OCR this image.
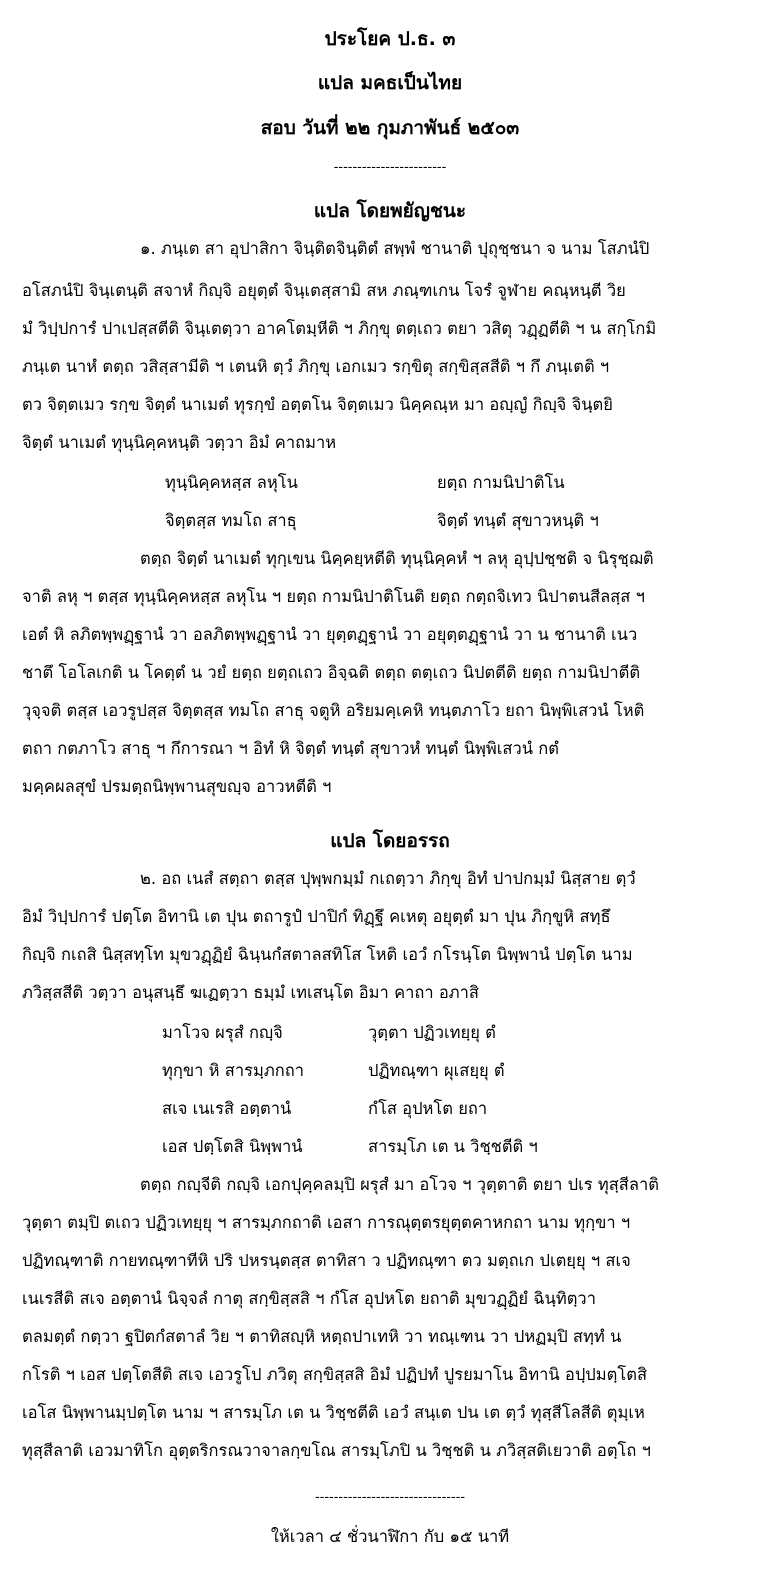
ประโยค ป.ธ. ๓
แปล มคธเป็นไทย
สอบ วันที่ ๒๒ กุมภาพันธ์ ๒๕๐๓
------------------------
แปล โดยพยัญชนะ
๑. ภนฺเต สา อุปาสิกา จินฺติตจินฺติตํ สพฺพํ ชานาติ ปุถุชฺชนา จ นาม โสภนํปิ
อโสภนํปิ จินฺเตนฺติ สจาหํ กิญฺจิ อยุตฺตํ จินฺเตสฺสามิ สห ภณฺฑเกน โจรํ จูฬาย คณฺหนฺตี วิย
มํ วิปฺปการํ ปาเปสฺสตีติ จินฺเตตฺวา อาคโตมฺหีติ ฯ ภิกฺขุ ตตฺเถว ตยา วสิตุ วฏฺฏตีติ ฯ น สกฺโกมิ
ภนฺเต นาหํ ตตฺถ วสิสฺสามีติ ฯ เตนหิ ตฺวํ ภิกฺขุ เอกเมว รกฺขิตุ สกฺขิสฺสสีติ ฯ กึ ภนฺเตติ ฯ
ตว จิตฺตเมว รกฺข จิตฺตํ นาเมตํ ทุรกฺขํ อตฺตโน จิตฺตเมว นิคฺคณฺห มา อญฺญํ กิญฺจิ จินฺตยิ
จิตฺตํ นาเมตํ ทุนฺนิคฺคหนฺติ วตฺวา อิมํ คาถมาห
ทุนฺนิคฺคหสฺส ลหุโน	ยตฺถ กามนิปาติโน
จิตฺตสฺส ทมโถ สาธุ	จิตฺตํ ทนฺตํ สุขาวหนฺติ ฯ
ตตฺถ จิตฺตํ นาเมตํ ทุกฺเขน นิคฺคยฺหตีติ ทุนฺนิคฺคหํ ฯ ลหุ อุปฺปชฺชติ จ นิรุชฺฌติ
จาติ ลหุ ฯ ตสฺส ทุนฺนิคฺคหสฺส ลหุโน ฯ ยตฺถ กามนิปาติโนติ ยตฺถ กตฺถจิเทว นิปาตนสีลสฺส ฯ
เอตํ หิ ลภิตพฺพฏฺฐานํ วา อลภิตพฺพฏฺฐานํ วา ยุตฺตฏฺฐานํ วา อยุตฺตฏฺฐานํ วา น ชานาติ เนว
ชาตึ โอโลเกติ น โคตฺตํ น วยํ ยตฺถ ยตฺถเถว อิจฺฉติ ตตฺถ ตตฺเถว นิปตตีติ ยตฺถ กามนิปาตีติ
วุจฺจติ ตสฺส เอวรูปสฺส จิตฺตสฺส ทมโถ สาธุ จตูหิ อริยมคฺเคหิ ทนฺตภาโว ยถา นิพฺพิเสวนํ โหติ
ตถา กตภาโว สาธุ ฯ กึการณา ฯ อิทํ หิ จิตฺตํ ทนฺตํ สุขาวหํ ทนฺตํ นิพฺพิเสวนํ กตํ
มคฺคผลสุขํ ปรมตฺถนิพฺพานสุขญฺจ อาวหตีติ ฯ
แปล โดยอรรถ
๒. อถ เนสํ สตฺถา ตสฺส ปุพฺพกมฺมํ กเถตฺวา ภิกฺขุ อิทํ ปาปกมฺมํ นิสฺสาย ตฺวํ
อิมํ วิปฺปการํ ปตฺโต อิทานิ เต ปุน ตถารูปํ ปาปิกํ ทิฏฺฐึ คเหตุ อยุตฺตํ มา ปุน ภิกฺขูหิ สทฺธึ
กิญฺจิ กเถสิ นิสฺสทฺโท มุขวฏฺฏิยํ ฉินฺนกํสตาลสทิโส โหติ เอวํ กโรนฺโต นิพฺพานํ ปตฺโต นาม
ภวิสฺสสีติ วตฺวา อนุสนฺธึ ฆเฏตฺวา ธมฺมํ เทเสนฺโต อิมา คาถา อภาสิ
มาโวจ ผรุสํ กญฺจิ	วุตฺตา ปฏิวเทยฺยุ ตํ
ทุกฺขา หิ สารมฺภกถา	ปฏิทณฺฑา ผุเสยฺยุ ตํ
สเจ เนเรสิ อตฺตานํ	กํโส อุปหโต ยถา
เอส ปตฺโตสิ นิพฺพานํ	สารมฺโภ เต น วิชฺชตีติ ฯ
ตตฺถ กญฺจีติ กญฺจิ เอกปุคฺคลมฺปิ ผรุสํ มา อโวจ ฯ วุตฺตาติ ตยา ปเร ทุสฺสีลาติ
วุตฺตา ตมฺปิ ตเถว ปฏิวเทยฺยุ ฯ สารมฺภกถาติ เอสา การณุตฺตรยุตฺตคาหกถา นาม ทุกฺขา ฯ
ปฏิทณฺฑาติ กายทณฺฑาทีหิ ปริ ปหรนฺตสฺส ตาทิสา ว ปฏิทณฺฑา ตว มตฺถเก ปเตยฺยุ ฯ สเจ
เนเรสีติ สเจ อตฺตานํ นิจฺจลํ กาตุ สกฺขิสฺสสิ ฯ กํโส อุปหโต ยถาติ มุขวฏฺฏิยํ ฉินฺทิตฺวา
ตลมตฺตํ กตฺวา ฐปิตกํสตาลํ วิย ฯ ตาทิสญฺหิ หตฺถปาเทหิ วา ทณฺเฑน วา ปหฏมฺปิ สทฺทํ น
กโรติ ฯ เอส ปตฺโตสีติ สเจ เอวรูโป ภวิตุ สกฺขิสฺสสิ อิมํ ปฏิปทํ ปูรยมาโน อิทานิ อปฺปมตฺโตสิ
เอโส นิพฺพานมฺปตฺโต นาม ฯ สารมฺโภ เต น วิชฺชตีติ เอวํ สนฺเต ปน เต ตฺวํ ทุสฺสีโลสีติ ตุมฺเห
ทุสฺสีลาติ เอวมาทิโก อุตฺตริกรณวาจาลกฺขโณ สารมฺโภปิ น วิชฺชติ น ภวิสฺสติเยวาติ อตฺโถ ฯ
--------------------------------
ให้เวลา ๔ ชั่วนาฬิกา กับ ๑๕ นาที
